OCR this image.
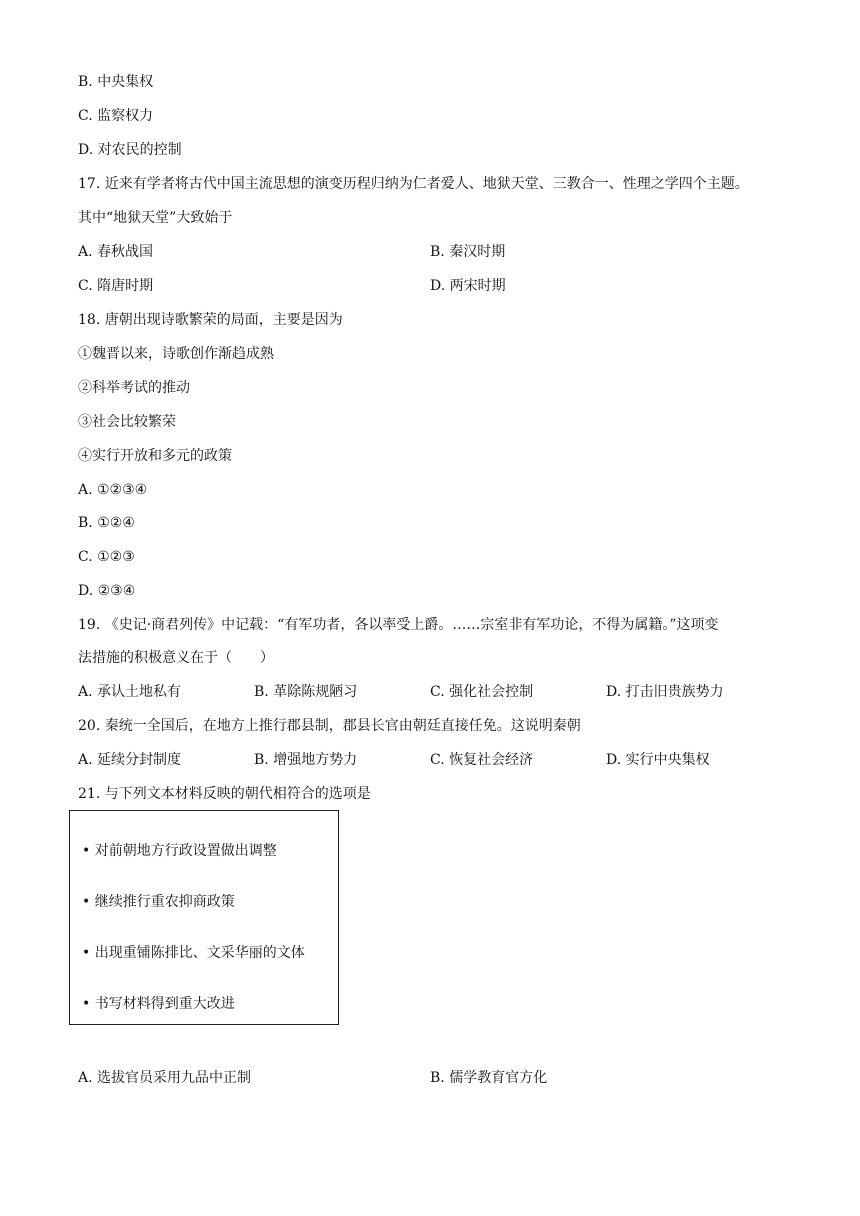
B. 中央集权
C. 监察权力
D. 对农民的控制
17. 近来有学者将古代中国主流思想的演变历程归纳为仁者爱人、地狱天堂、三教合一、性理之学四个主题。
其中“地狱天堂”大致始于
A. 春秋战国	B. 秦汉时期
C. 隋唐时期	D. 两宋时期
18. 唐朝出现诗歌繁荣的局面，主要是因为
①魏晋以来，诗歌创作渐趋成熟
②科举考试的推动
③社会比较繁荣
④实行开放和多元的政策
A. ①②③④
B. ①②④
C. ①②③
D. ②③④
19. 《史记·商君列传》中记载：“有军功者，各以率受上爵。……宗室非有军功论，不得为属籍。”这项变
法措施的积极意义在于（　　）
A. 承认土地私有	B. 革除陈规陋习	C. 强化社会控制	D. 打击旧贵族势力
20. 秦统一全国后，在地方上推行郡县制，郡县长官由朝廷直接任免。这说明秦朝
A. 延续分封制度	B. 增强地方势力	C. 恢复社会经济	D. 实行中央集权
21. 与下列文本材料反映的朝代相符合的选项是
• 对前朝地方行政设置做出调整
• 继续推行重农抑商政策
• 出现重铺陈排比、文采华丽的文体
• 书写材料得到重大改进
A. 选拔官员采用九品中正制	B. 儒学教育官方化
